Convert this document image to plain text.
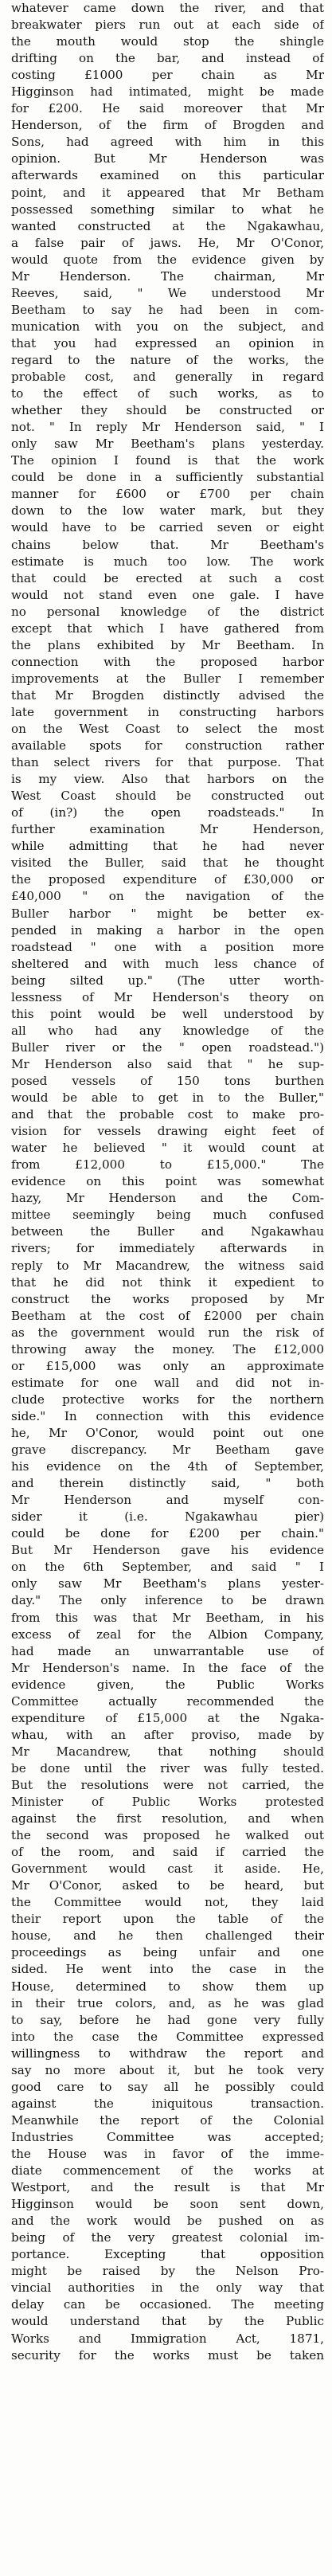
whatever came down the river, and that
breakwater piers run out at each side of
the mouth would stop the shingle
drifting on the bar, and instead of
costing £1000 per chain as Mr
Higginson had intimated, might be made
for £200. He said moreover that Mr
Henderson, of the firm of Brogden and
Sons, had agreed with him in this
opinion. But Mr Henderson was
afterwards examined on this particular
point, and it appeared that Mr Betham
possessed something similar to what he
wanted constructed at the Ngakawhau,
a false pair of jaws. He, Mr O'Conor,
would quote from the evidence given by
Mr Henderson. The chairman, Mr
Reeves, said, " We understood Mr
Beetham to say he had been in com-
munication with you on the subject, and
that you had expressed an opinion in
regard to the nature of the works, the
probable cost, and generally in regard
to the effect of such works, as to
whether they should be constructed or
not. " In reply Mr Henderson said, " I
only saw Mr Beetham's plans yesterday.
The opinion I found is that the work
could be done in a sufficiently substantial
manner for £600 or £700 per chain
down to the low water mark, but they
would have to be carried seven or eight
chains below that. Mr Beetham's
estimate is much too low. The work
that could be erected at such a cost
would not stand even one gale. I have
no personal knowledge of the district
except that which I have gathered from
the plans exhibited by Mr Beetham. In
connection with the proposed harbor
improvements at the Buller I remember
that Mr Brogden distinctly advised the
late government in constructing harbors
on the West Coast to select the most
available spots for construction rather
than select rivers for that purpose. That
is my view. Also that harbors on the
West Coast should be constructed out
of (in?) the open roadsteads." In
further examination Mr Henderson,
while admitting that he had never
visited the Buller, said that he thought
the proposed expenditure of £30,000 or
£40,000 " on the navigation of the
Buller harbor " might be better ex-
pended in making a harbor in the open
roadstead " one with a position more
sheltered and with much less chance of
being silted up." (The utter worth-
lessness of Mr Henderson's theory on
this point would be well understood by
all who had any knowledge of the
Buller river or the " open roadstead.")
Mr Henderson also said that " he sup-
posed vessels of 150 tons burthen
would be able to get in to the Buller,"
and that the probable cost to make pro-
vision for vessels drawing eight feet of
water he believed " it would count at
from £12,000 to £15,000." The
evidence on this point was somewhat
hazy, Mr Henderson and the Com-
mittee seemingly being much confused
between the Buller and Ngakawhau
rivers; for immediately afterwards in
reply to Mr Macandrew, the witness said
that he did not think it expedient to
construct the works proposed by Mr
Beetham at the cost of £2000 per chain
as the government would run the risk of
throwing away the money. The £12,000
or £15,000 was only an approximate
estimate for one wall and did not in-
clude protective works for the northern
side." In connection with this evidence
he, Mr O'Conor, would point out one
grave discrepancy. Mr Beetham gave
his evidence on the 4th of September,
and therein distinctly said, " both
Mr Henderson and myself con-
sider it (i.e. Ngakawhau pier)
could be done for £200 per chain."
But Mr Henderson gave his evidence
on the 6th September, and said " I
only saw Mr Beetham's plans yester-
day." The only inference to be drawn
from this was that Mr Beetham, in his
excess of zeal for the Albion Company,
had made an unwarrantable use of
Mr Henderson's name. In the face of the
evidence given, the Public Works
Committee actually recommended the
expenditure of £15,000 at the Ngaka-
whau, with an after proviso, made by
Mr Macandrew, that nothing should
be done until the river was fully tested.
But the resolutions were not carried, the
Minister of Public Works protested
against the first resolution, and when
the second was proposed he walked out
of the room, and said if carried the
Government would cast it aside. He,
Mr O'Conor, asked to be heard, but
the Committee would not, they laid
their report upon the table of the
house, and he then challenged their
proceedings as being unfair and one
sided. He went into the case in the
House, determined to show them up
in their true colors, and, as he was glad
to say, before he had gone very fully
into the case the Committee expressed
willingness to withdraw the report and
say no more about it, but he took very
good care to say all he possibly could
against the iniquitous transaction.
Meanwhile the report of the Colonial
Industries Committee was accepted;
the House was in favor of the imme-
diate commencement of the works at
Westport, and the result is that Mr
Higginson would be soon sent down,
and the work would be pushed on as
being of the very greatest colonial im-
portance. Excepting that opposition
might be raised by the Nelson Pro-
vincial authorities in the only way that
delay can be occasioned. The meeting
would understand that by the Public
Works and Immigration Act, 1871,
security for the works must be taken
